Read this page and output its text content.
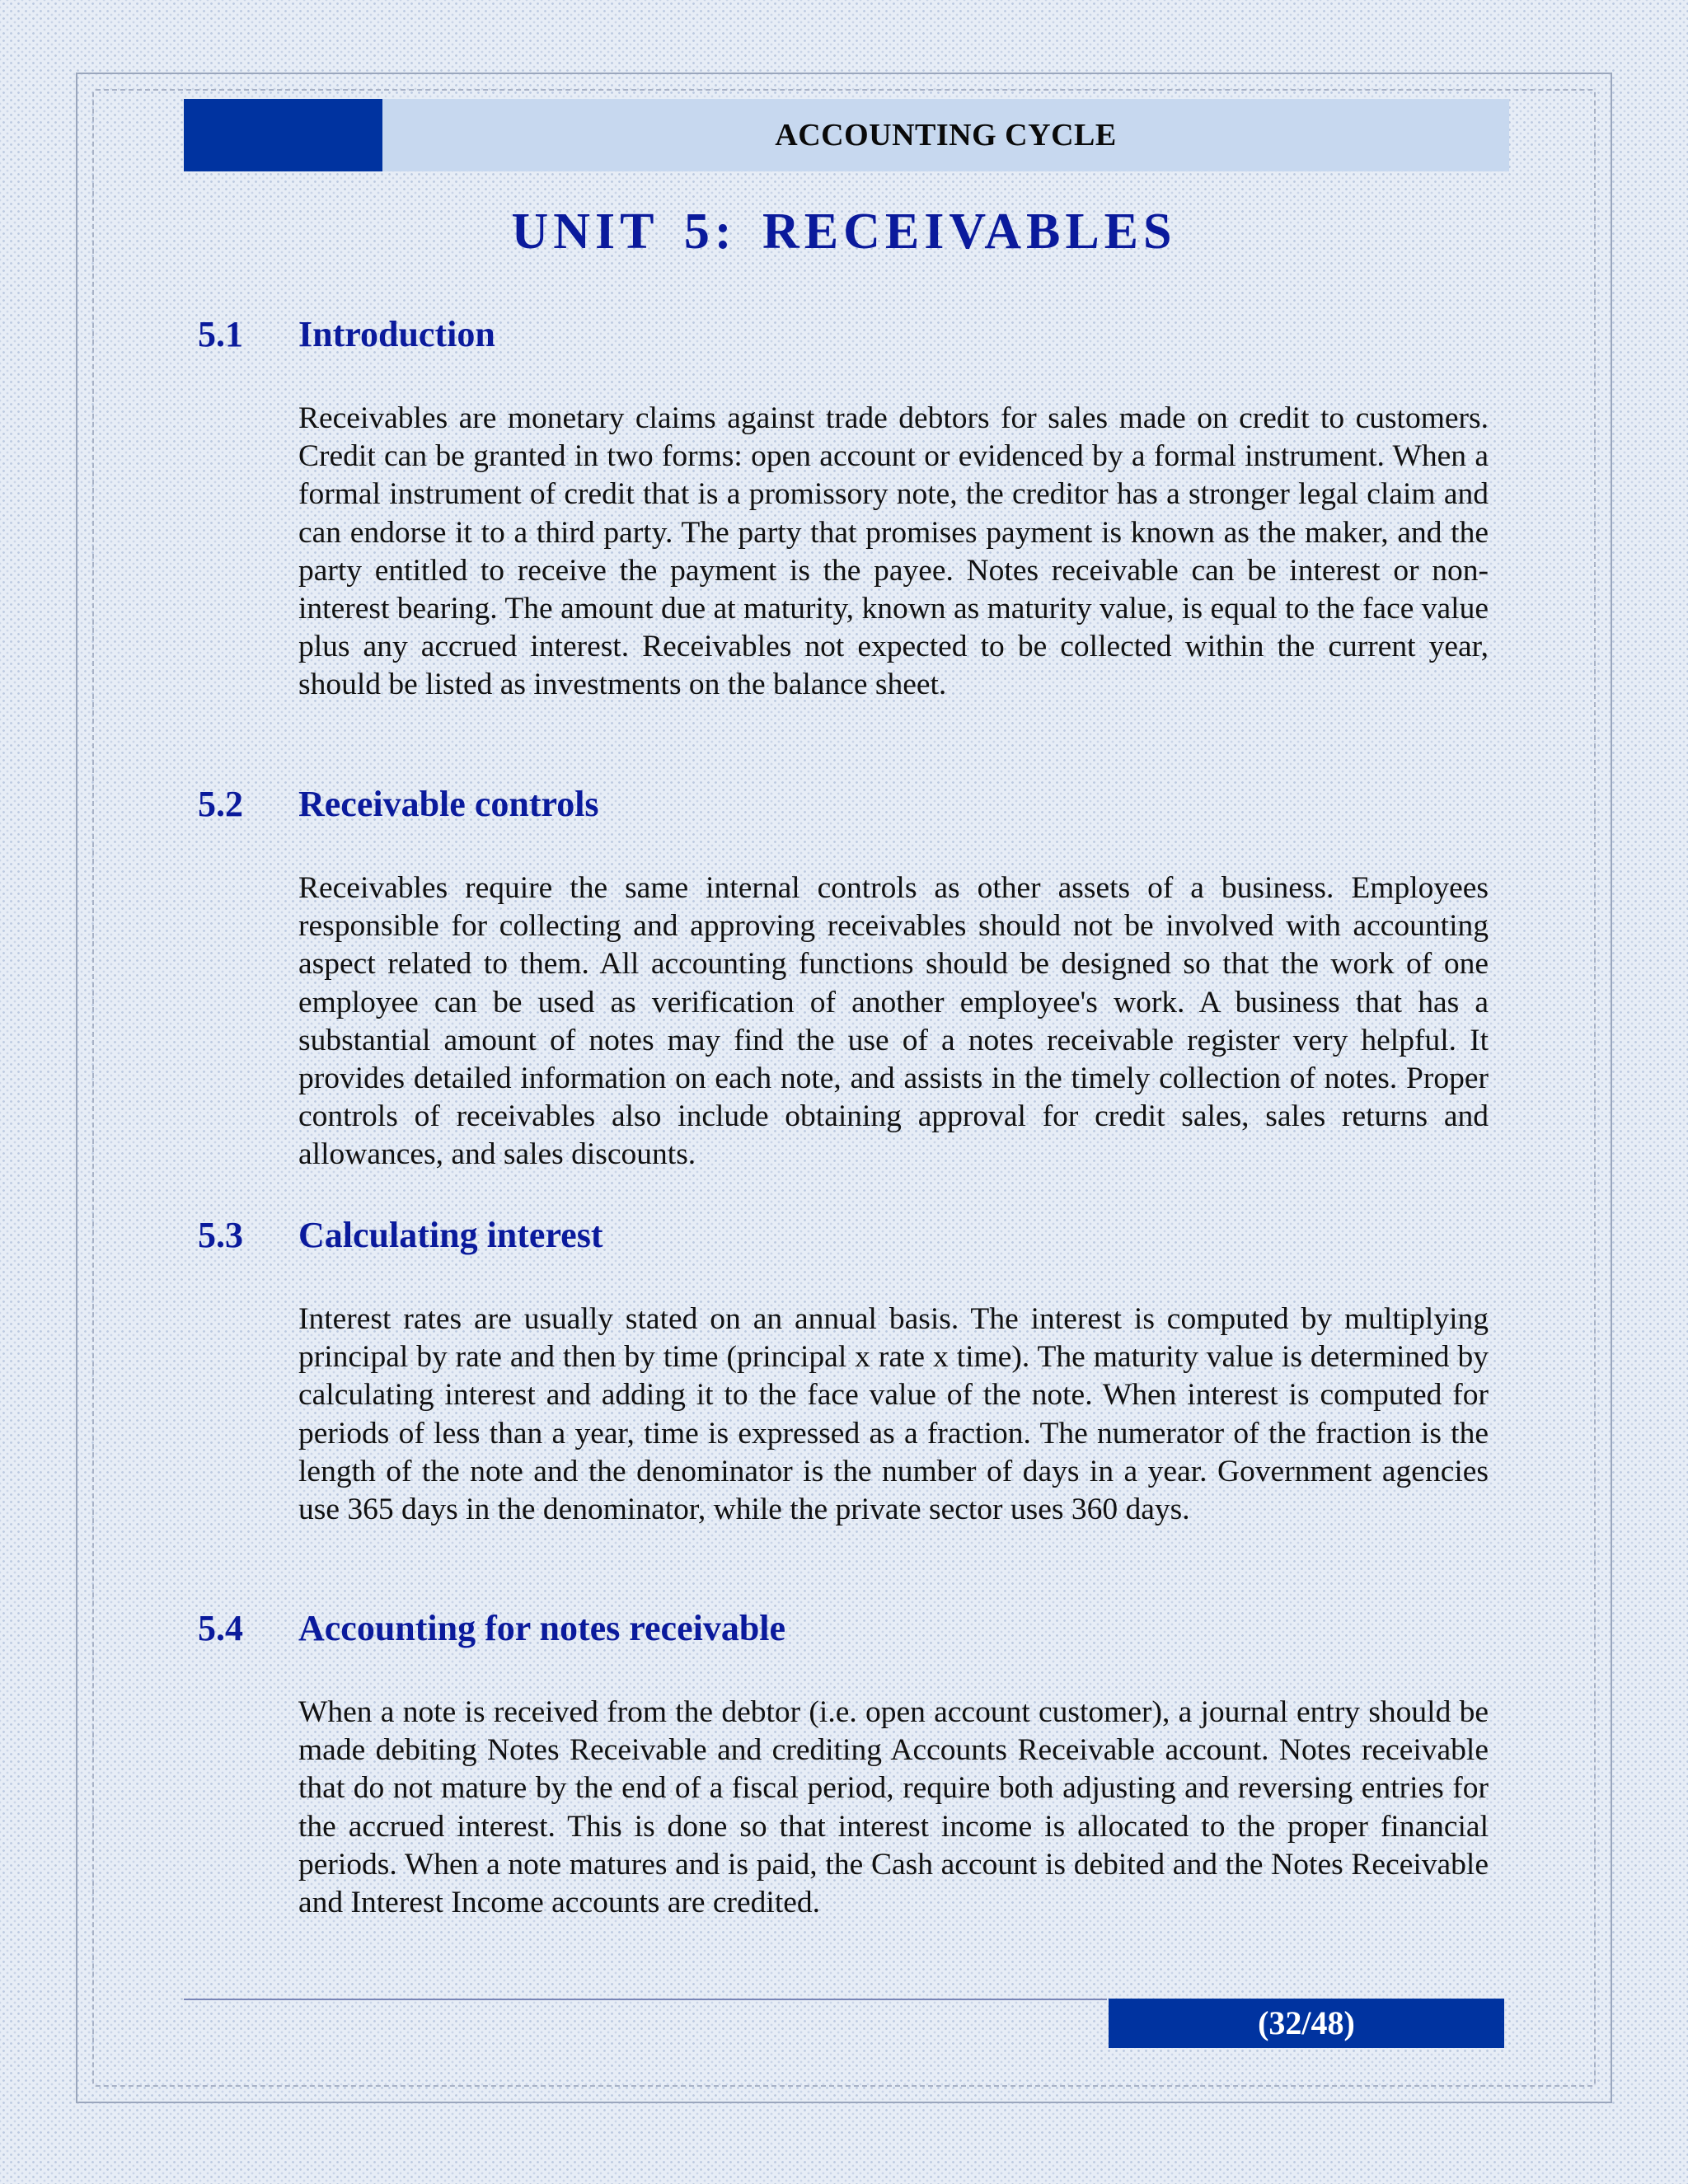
ACCOUNTING CYCLE
UNIT 5: RECEIVABLES
5.1 Introduction

Receivables are monetary claims against trade debtors for sales made on credit to customers. Credit can be granted in two forms: open account or evidenced by a formal instrument. When a formal instrument of credit that is a promissory note, the creditor has a stronger legal claim and can endorse it to a third party. The party that promises payment is known as the maker, and the party entitled to receive the payment is the payee. Notes receivable can be interest or non-interest bearing. The amount due at maturity, known as maturity value, is equal to the face value plus any accrued interest. Receivables not expected to be collected within the current year, should be listed as investments on the balance sheet.

5.2 Receivable controls

Receivables require the same internal controls as other assets of a business. Employees responsible for collecting and approving receivables should not be involved with accounting aspect related to them. All accounting functions should be designed so that the work of one employee can be used as verification of another employee's work. A business that has a substantial amount of notes may find the use of a notes receivable register very helpful. It provides detailed information on each note, and assists in the timely collection of notes. Proper controls of receivables also include obtaining approval for credit sales, sales returns and allowances, and sales discounts.

5.3 Calculating interest

Interest rates are usually stated on an annual basis. The interest is computed by multiplying principal by rate and then by time (principal x rate x time). The maturity value is determined by calculating interest and adding it to the face value of the note. When interest is computed for periods of less than a year, time is expressed as a fraction. The numerator of the fraction is the length of the note and the denominator is the number of days in a year. Government agencies use 365 days in the denominator, while the private sector uses 360 days.

5.4 Accounting for notes receivable

When a note is received from the debtor (i.e. open account customer), a journal entry should be made debiting Notes Receivable and crediting Accounts Receivable account. Notes receivable that do not mature by the end of a fiscal period, require both adjusting and reversing entries for the accrued interest. This is done so that interest income is allocated to the proper financial periods. When a note matures and is paid, the Cash account is debited and the Notes Receivable and Interest Income accounts are credited.

(32/48)
